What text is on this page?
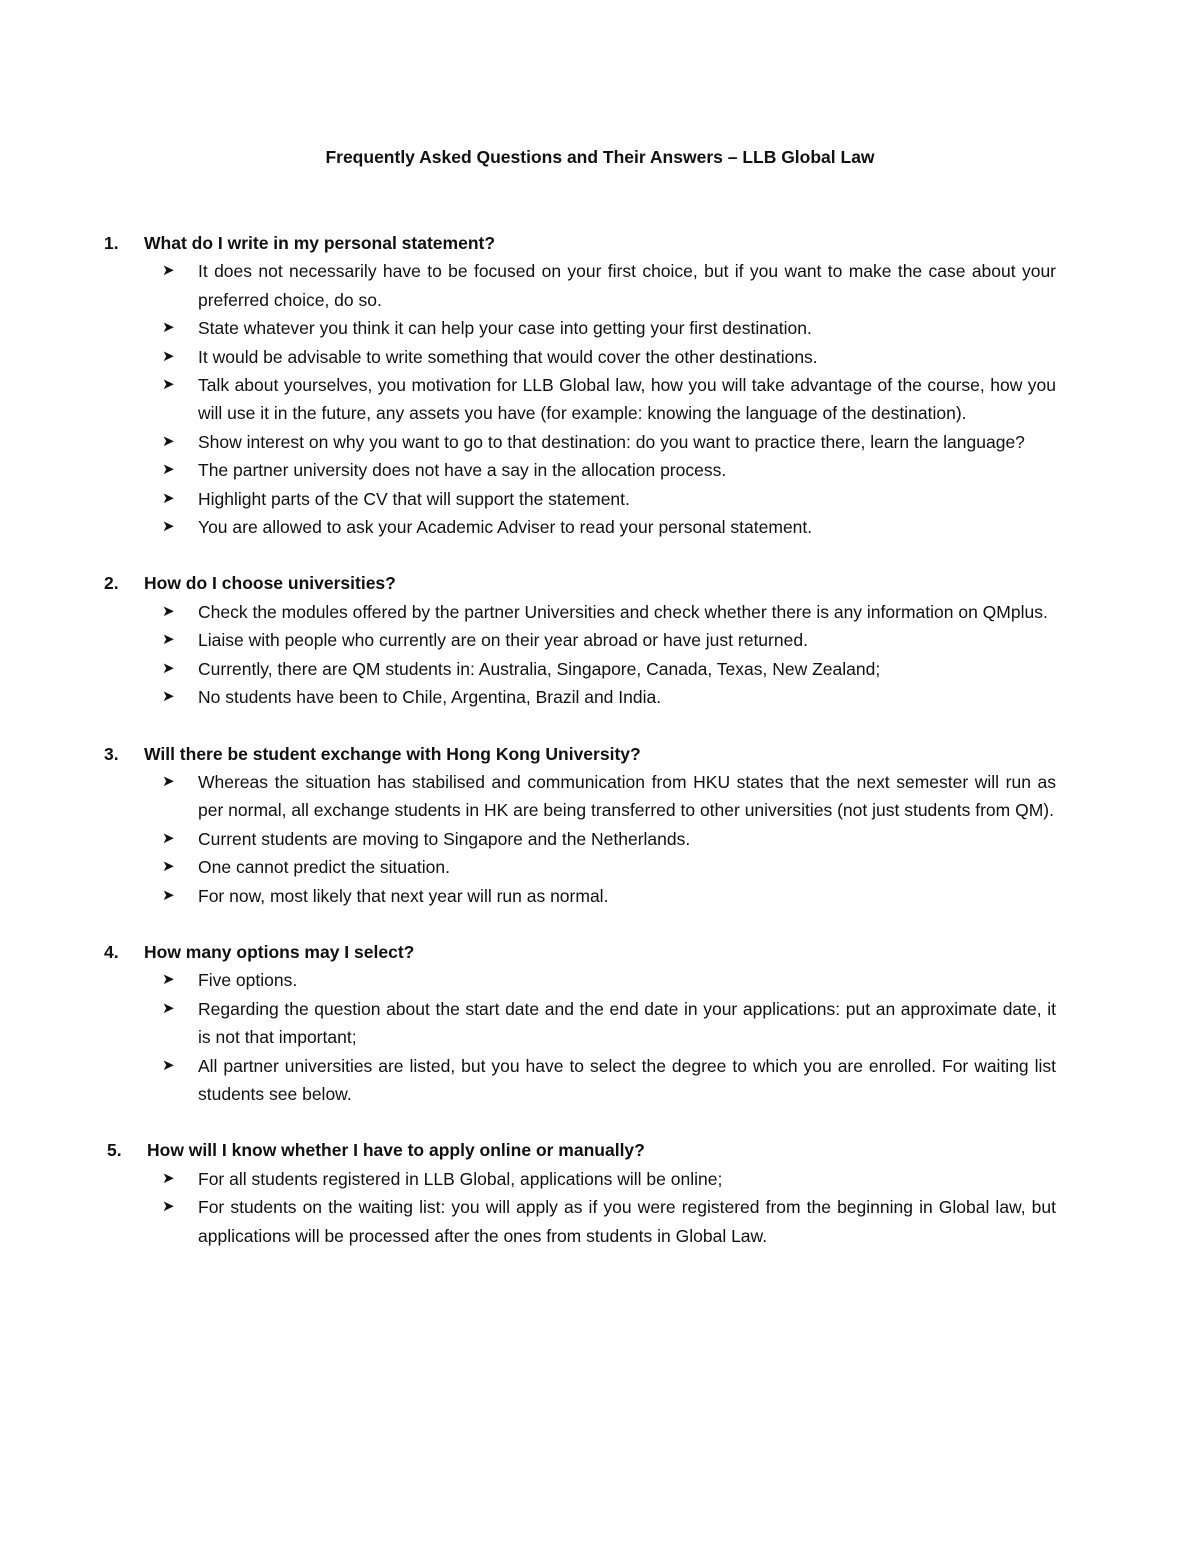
Frequently Asked Questions and Their Answers – LLB Global Law
1.	What do I write in my personal statement?
➤	It does not necessarily have to be focused on your first choice, but if you want to make the case about your preferred choice, do so.
➤	State whatever you think it can help your case into getting your first destination.
➤	It would be advisable to write something that would cover the other destinations.
➤	Talk about yourselves, you motivation for LLB Global law, how you will take advantage of the course, how you will use it in the future, any assets you have (for example: knowing the language of the destination).
➤	Show interest on why you want to go to that destination: do you want to practice there, learn the language?
➤	The partner university does not have a say in the allocation process.
➤	Highlight parts of the CV that will support the statement.
➤	You are allowed to ask your Academic Adviser to read your personal statement.
2.	How do I choose universities?
➤	Check the modules offered by the partner Universities and check whether there is any information on QMplus.
➤	Liaise with people who currently are on their year abroad or have just returned.
➤	Currently, there are QM students in: Australia, Singapore, Canada, Texas, New Zealand;
➤	No students have been to Chile, Argentina, Brazil and India.
3.	Will there be student exchange with Hong Kong University?
➤	Whereas the situation has stabilised and communication from HKU states that the next semester will run as per normal, all exchange students in HK are being transferred to other universities (not just students from QM).
➤	Current students are moving to Singapore and the Netherlands.
➤	One cannot predict the situation.
➤	For now, most likely that next year will run as normal.
4.	How many options may I select?
➤	Five options.
➤	Regarding the question about the start date and the end date in your applications: put an approximate date, it is not that important;
➤	All partner universities are listed, but you have to select the degree to which you are enrolled. For waiting list students see below.
5.	How will I know whether I have to apply online or manually?
➤	For all students registered in LLB Global, applications will be online;
➤	For students on the waiting list: you will apply as if you were registered from the beginning in Global law, but applications will be processed after the ones from students in Global Law.
